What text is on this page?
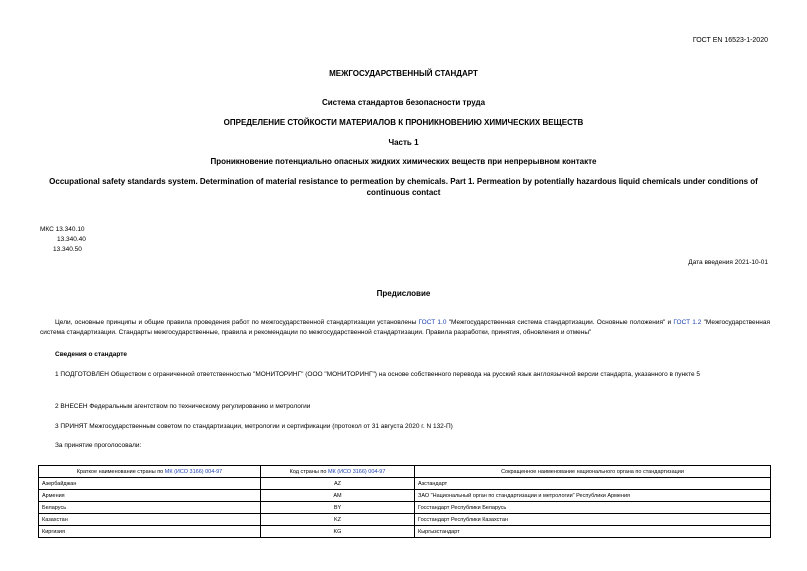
ГОСТ EN 16523-1-2020
МЕЖГОСУДАРСТВЕННЫЙ СТАНДАРТ
Система стандартов безопасности труда
ОПРЕДЕЛЕНИЕ СТОЙКОСТИ МАТЕРИАЛОВ К ПРОНИКНОВЕНИЮ ХИМИЧЕСКИХ ВЕЩЕСТВ
Часть 1
Проникновение потенциально опасных жидких химических веществ при непрерывном контакте
Occupational safety standards system. Determination of material resistance to permeation by chemicals. Part 1. Permeation by potentially hazardous liquid chemicals under conditions of continuous contact
МКС 13.340.10
13.340.40
13.340.50
Дата введения 2021-10-01
Предисловие

Цели, основные принципы и общие правила проведения работ по межгосударственной стандартизации установлены ГОСТ 1.0 "Межгосударственная система стандартизации. Основные положения" и ГОСТ 1.2 "Межгосударственная система стандартизации. Стандарты межгосударственные, правила и рекомендации по межгосударственной стандартизации. Правила разработки, принятия, обновления и отмены"

Сведения о стандарте

1 ПОДГОТОВЛЕН Обществом с ограниченной ответственностью "МОНИТОРИНГ" (ООО "МОНИТОРИНГ") на основе собственного перевода на русский язык англоязычной версии стандарта, указанного в пункте 5

2 ВНЕСЕН Федеральным агентством по техническому регулированию и метрологии

3 ПРИНЯТ Межгосударственным советом по стандартизации, метрологии и сертификации (протокол от 31 августа 2020 г. N 132-П)

За принятие проголосовали:

Краткое наименование страны по МК (ИСО 3166) 004-97	Код страны по МК (ИСО 3166) 004-97	Сокращенное наименование национального органа по стандартизации
Азербайджан	AZ	Азстандарт
Армения	AM	ЗАО "Национальный орган по стандартизации и метрологии" Республики Армения
Беларусь	BY	Госстандарт Республики Беларусь
Казахстан	KZ	Госстандарт Республики Казахстан
Киргизия	KG	Кыргызстандарт
